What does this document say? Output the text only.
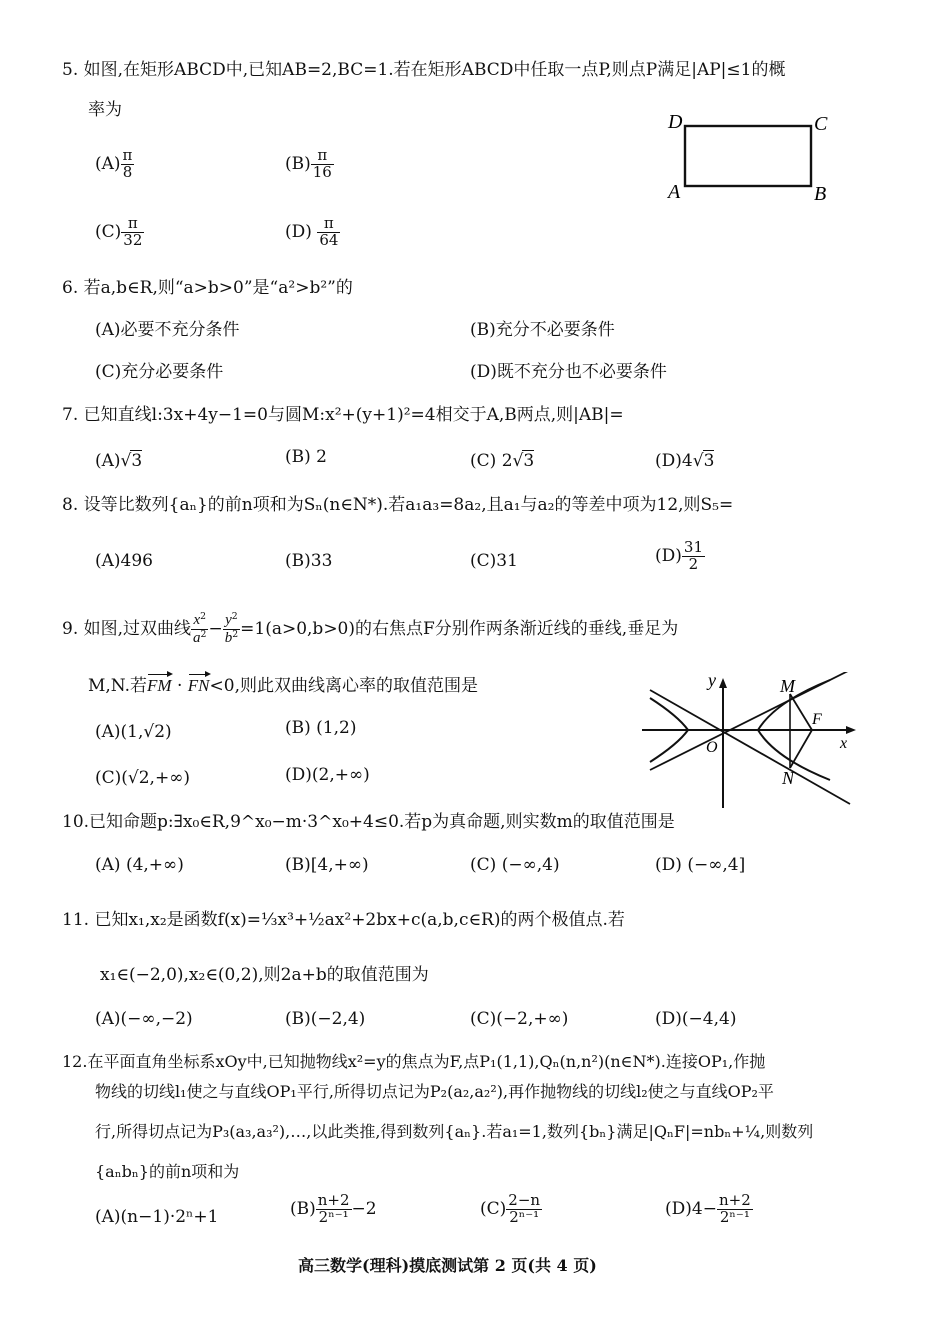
5. 如图,在矩形ABCD中,已知AB=2,BC=1.若在矩形ABCD中任取一点P,则点P满足|AP|≤1的概
率为
$(A) \frac{\pi}{8}$	$(B) \frac{\pi}{16}$
$(C) \frac{\pi}{32}$	$(D) \frac{\pi}{64}$
D	C
A	B
6. 若a,b∈R,则“a>b>0”是“a²>b²”的
(A)必要不充分条件	(B)充分不必要条件
(C)充分必要条件	(D)既不充分也不必要条件
7. 已知直线l:3x+4y−1=0与圆M:x²+(y+1)²=4相交于A,B两点,则|AB|=
(A)√3	(B) 2	(C) 2√3	(D)4√3
8. 设等比数列{aₙ}的前n项和为Sₙ(n∈N*).若a₁a₃=8a₂,且a₁与a₂的等差中项为12,则S₅=
(A)496	(B)33	(C)31	$(D) \frac{31}{2}$
9. 如图,过双曲线 $\frac{x^2}{a^2} - \frac{y^2}{b^2} =1(a>0,b>0)$的右焦点F分别作两条渐近线的垂线,垂足为
M,N.若FM · FN<0,则此双曲线离心率的取值范围是
(A)(1,√2)	(B) (1,2)
(C)(√2,+∞)	(D)(2,+∞)
y
x
O
M
F
N
10.已知命题p:∃x₀∈R,9^x₀−m·3^x₀+4≤0.若p为真命题,则实数m的取值范围是
(A) (4,+∞)	(B)[4,+∞)	(C) (−∞,4)	(D) (−∞,4]
11. 已知x₁,x₂是函数f(x)=⅓x³+½ax²+2bx+c(a,b,c∈R)的两个极值点.若
x₁∈(−2,0),x₂∈(0,2),则2a+b的取值范围为
(A)(−∞,−2)	(B)(−2,4)	(C)(−2,+∞)	(D)(−4,4)
12.在平面直角坐标系xOy中,已知抛物线x²=y的焦点为F,点P₁(1,1),Qₙ(n,n²)(n∈N*).连接OP₁,作抛
物线的切线l₁使之与直线OP₁平行,所得切点记为P₂(a₂,a₂²),再作抛物线的切线l₂使之与直线OP₂平
行,所得切点记为P₃(a₃,a₃²),…,以此类推,得到数列{aₙ}.若a₁=1,数列{bₙ}满足|QₙF|=nbₙ+¼,则数列
{aₙbₙ}的前n项和为
(A)(n−1)·2ⁿ+1	$(B) \frac{n+2}{\text{2ⁿ⁻¹}} -2$	$(C) \frac{2-n}{\text{2ⁿ⁻¹}}$	$(D)4- \frac{n+2}{\text{2ⁿ⁻¹}}$
高三数学(理科)摸底测试第 2 页(共 4 页)
